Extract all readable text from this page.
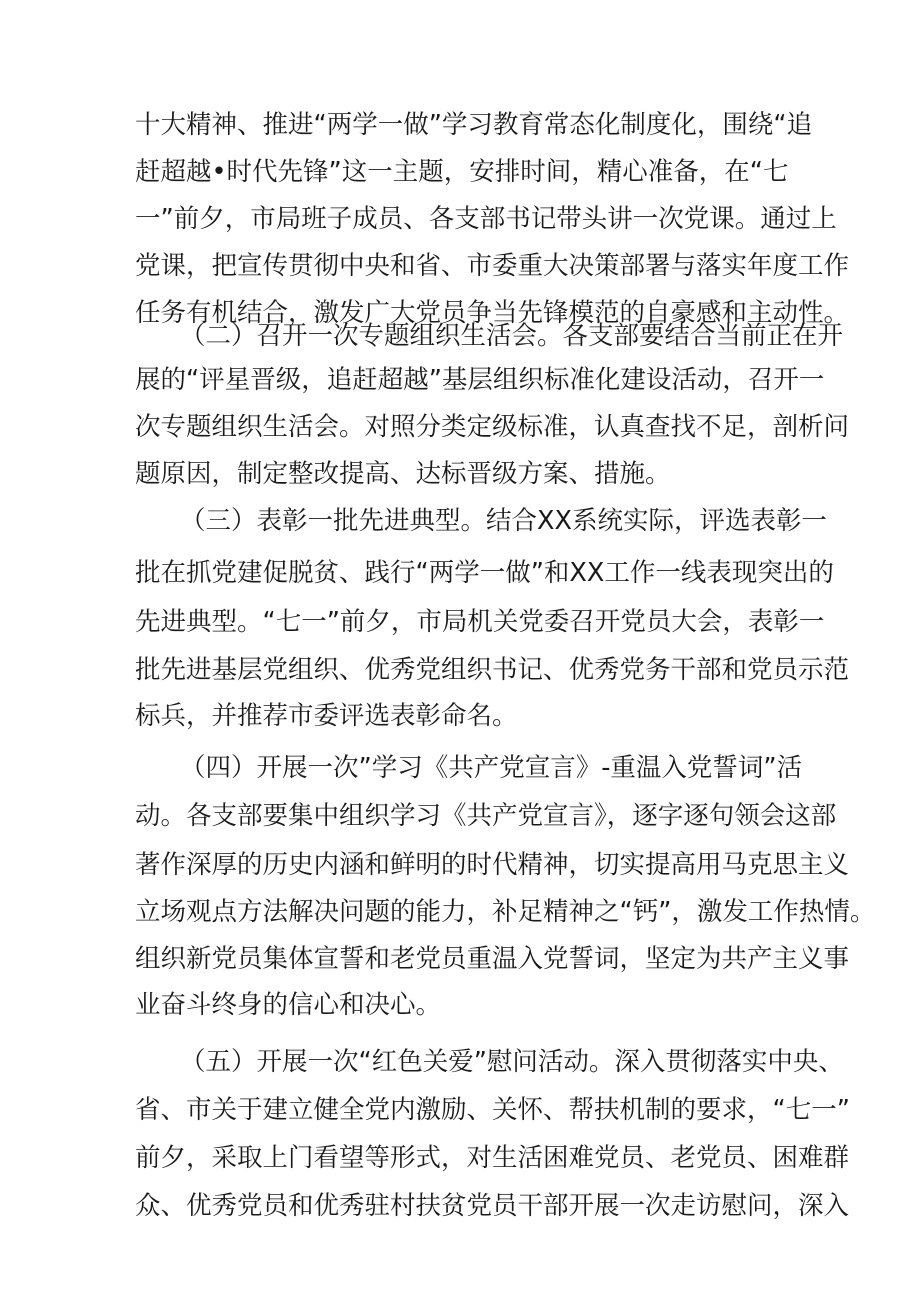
十大精神、推进“两学一做”学习教育常态化制度化，围绕“追
赶超越•时代先锋”这一主题，安排时间，精心准备，在“七
一”前夕，市局班子成员、各支部书记带头讲一次党课。通过上
党课，把宣传贯彻中央和省、市委重大决策部署与落实年度工作
任务有机结合，激发广大党员争当先锋模范的自豪感和主动性。
（二）召开一次专题组织生活会。各支部要结合当前正在开
展的“评星晋级，追赶超越”基层组织标准化建设活动，召开一
次专题组织生活会。对照分类定级标准，认真查找不足，剖析问
题原因，制定整改提高、达标晋级方案、措施。
（三）表彰一批先进典型。结合XX系统实际，评选表彰一
批在抓党建促脱贫、践行“两学一做”和XX工作一线表现突出的
先进典型。“七一”前夕，市局机关党委召开党员大会，表彰一
批先进基层党组织、优秀党组织书记、优秀党务干部和党员示范
标兵，并推荐市委评选表彰命名。
（四）开展一次”学习《共产党宣言》-重温入党誓词”活
动。各支部要集中组织学习《共产党宣言》，逐字逐句领会这部
著作深厚的历史内涵和鲜明的时代精神，切实提高用马克思主义
立场观点方法解决问题的能力，补足精神之“钙”，激发工作热情。
组织新党员集体宣誓和老党员重温入党誓词，坚定为共产主义事
业奋斗终身的信心和决心。
（五）开展一次“红色关爱”慰问活动。深入贯彻落实中央、
省、市关于建立健全党内激励、关怀、帮扶机制的要求，“七一”
前夕，采取上门看望等形式，对生活困难党员、老党员、困难群
众、优秀党员和优秀驻村扶贫党员干部开展一次走访慰问，深入
